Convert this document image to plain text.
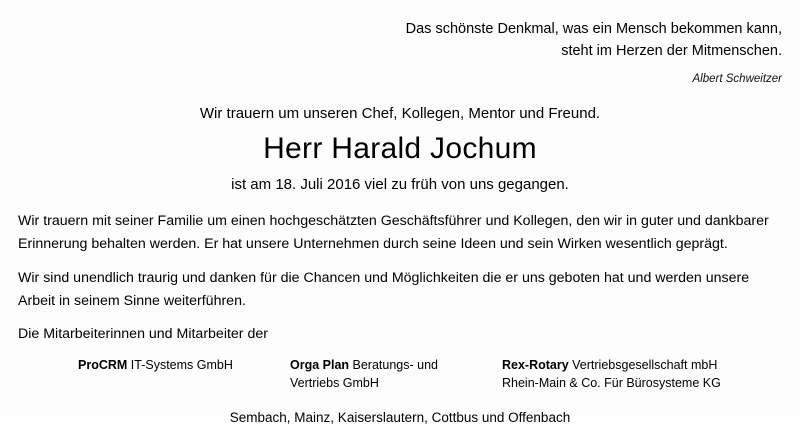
Das schönste Denkmal, was ein Mensch bekommen kann,
steht im Herzen der Mitmenschen.
Albert Schweitzer
Wir trauern um unseren Chef, Kollegen, Mentor und Freund.
Herr Harald Jochum
ist am 18. Juli 2016 viel zu früh von uns gegangen.

Wir trauern mit seiner Familie um einen hochgeschätzten Geschäftsführer und Kollegen, den wir in guter und dankbarer Erinnerung behalten werden. Er hat unsere Unternehmen durch seine Ideen und sein Wirken wesentlich geprägt.

Wir sind unendlich traurig und danken für die Chancen und Möglichkeiten die er uns geboten hat und werden unsere Arbeit in seinem Sinne weiterführen.

Die Mitarbeiterinnen und Mitarbeiter der
ProCRM IT-Systems GmbH	Orga Plan Beratungs- und
Vertriebs GmbH
Rex-Rotary Vertriebsgesellschaft mbH
Rhein-Main & Co. Für Bürosysteme KG
Sembach, Mainz, Kaiserslautern, Cottbus und Offenbach
